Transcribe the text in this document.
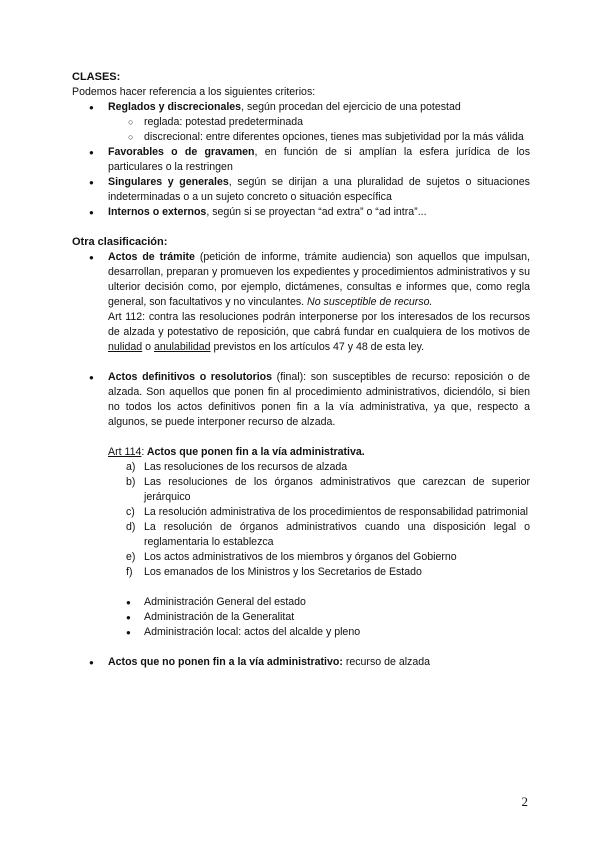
CLASES:

Podemos hacer referencia a los siguientes criterios:

● Reglados y discrecionales, según procedan del ejercicio de una potestad
○ reglada: potestad predeterminada
○ discrecional: entre diferentes opciones, tienes mas subjetividad por la más válida
● Favorables o de gravamen, en función de si amplían la esfera jurídica de los particulares o la restringen
● Singulares y generales, según se dirijan a una pluralidad de sujetos o situaciones indeterminadas o a un sujeto concreto o situación específica
● Internos o externos, según si se proyectan “ad extra” o “ad intra”...

Otra clasificación:

● Actos de trámite (petición de informe, trámite audiencia) son aquellos que impulsan, desarrollan, preparan y promueven los expedientes y procedimientos administrativos y su ulterior decisión como, por ejemplo, dictámenes, consultas e informes que, como regla general, son facultativos y no vinculantes. No susceptible de recurso.

Art 112: contra las resoluciones podrán interponerse por los interesados de los recursos de alzada y potestativo de reposición, que cabrá fundar en cualquiera de los motivos de nulidad o anulabilidad previstos en los artículos 47 y 48 de esta ley.

● Actos definitivos o resolutorios (final): son susceptibles de recurso: reposición o de alzada. Son aquellos que ponen fin al procedimiento administrativos, diciendólo, si bien no todos los actos definitivos ponen fin a la vía administrativa, ya que, respecto a algunos, se puede interponer recurso de alzada.

Art 114: Actos que ponen fin a la vía administrativa.

a) Las resoluciones de los recursos de alzada
b) Las resoluciones de los órganos administrativos que carezcan de superior jerárquico
c) La resolución administrativa de los procedimientos de responsabilidad patrimonial
d) La resolución de órganos administrativos cuando una disposición legal o reglamentaria lo establezca
e) Los actos administrativos de los miembros y órganos del Gobierno
f) Los emanados de los Ministros y los Secretarios de Estado
● Administración General del estado
● Administración de la Generalitat
● Administración local: actos del alcalde y pleno
● Actos que no ponen fin a la vía administrativo: recurso de alzada
2
